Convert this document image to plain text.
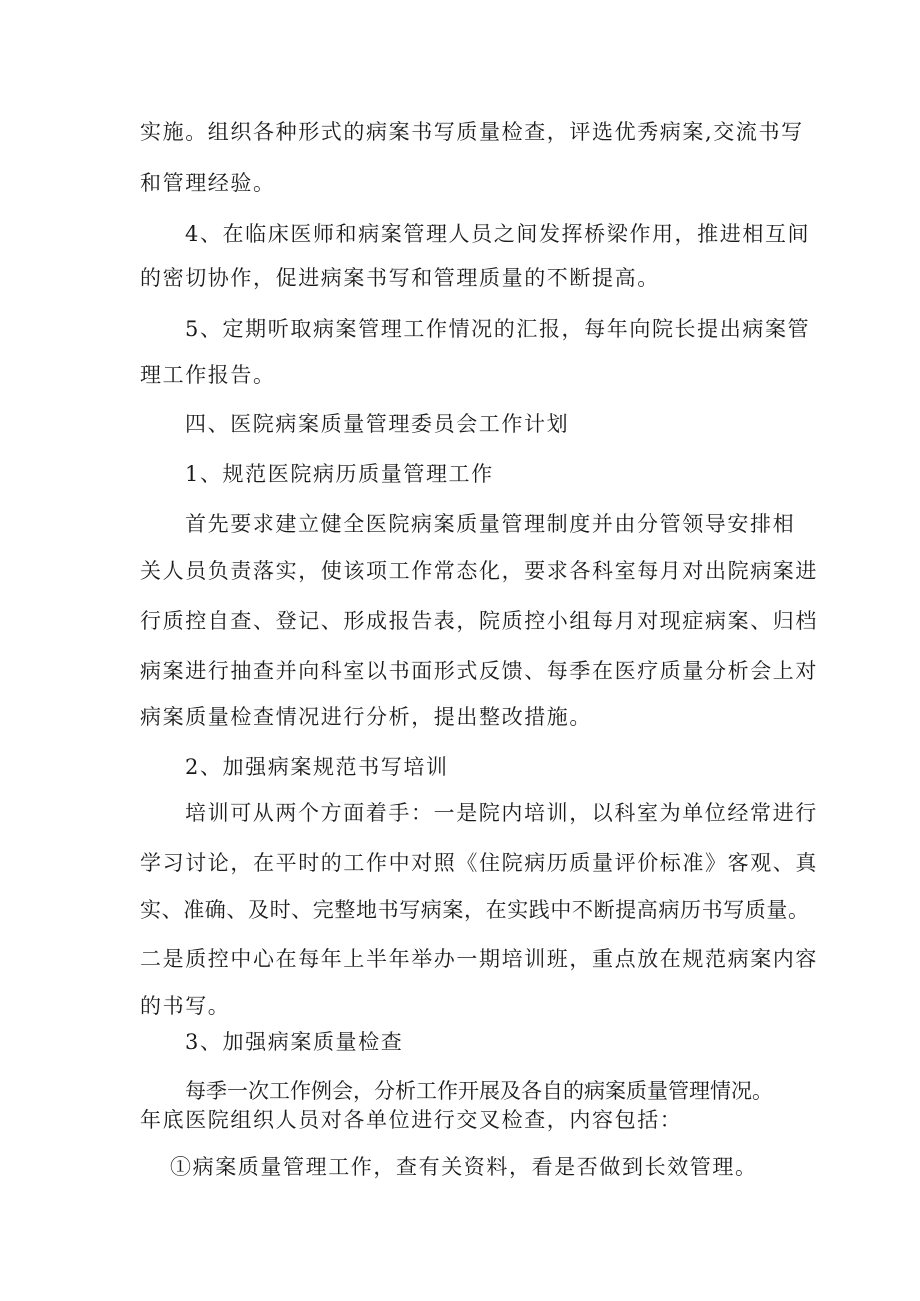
实施。组织各种形式的病案书写质量检查，评选优秀病案,交流书写
和管理经验。
4、在临床医师和病案管理人员之间发挥桥梁作用，推进相互间
的密切协作，促进病案书写和管理质量的不断提高。
5、定期听取病案管理工作情况的汇报，每年向院长提出病案管
理工作报告。
四、医院病案质量管理委员会工作计划
1、规范医院病历质量管理工作
首先要求建立健全医院病案质量管理制度并由分管领导安排相
关人员负责落实，使该项工作常态化，要求各科室每月对出院病案进
行质控自查、登记、形成报告表，院质控小组每月对现症病案、归档
病案进行抽查并向科室以书面形式反馈、每季在医疗质量分析会上对
病案质量检查情况进行分析，提出整改措施。
2、加强病案规范书写培训
培训可从两个方面着手：一是院内培训，以科室为单位经常进行
学习讨论，在平时的工作中对照《住院病历质量评价标准》客观、真
实、准确、及时、完整地书写病案，在实践中不断提高病历书写质量。
二是质控中心在每年上半年举办一期培训班，重点放在规范病案内容
的书写。
3、加强病案质量检查
每季一次工作例会，分析工作开展及各自的病案质量管理情况。
年底医院组织人员对各单位进行交叉检查，内容包括：
①病案质量管理工作，查有关资料，看是否做到长效管理。
